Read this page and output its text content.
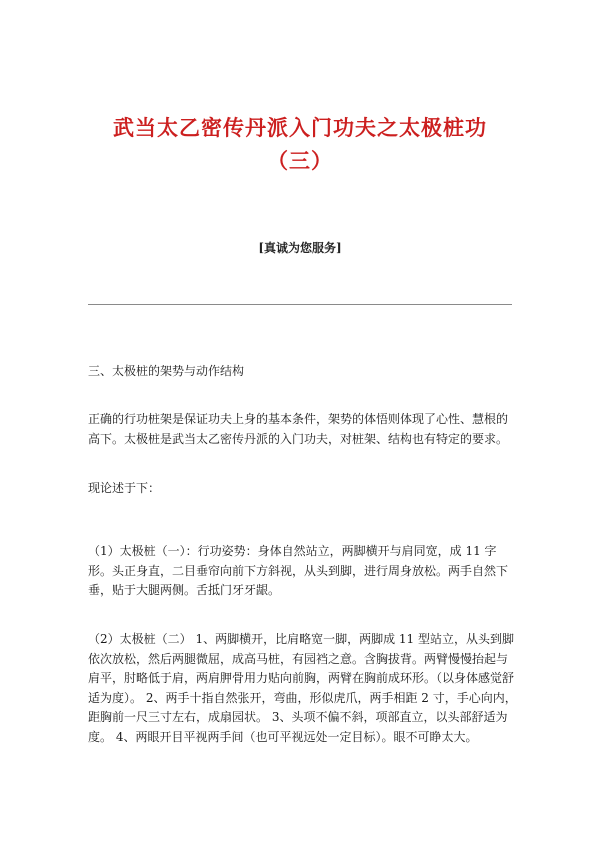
武当太乙密传丹派入门功夫之太极桩功
（三）
[真诚为您服务]
三、太极桩的架势与动作结构
正确的行功桩架是保证功夫上身的基本条件，架势的体悟则体现了心性、慧根的高下。太极桩是武当太乙密传丹派的入门功夫，对桩架、结构也有特定的要求。
现论述于下：
（1）太极桩（一）：行功姿势：身体自然站立，两脚横开与肩同宽，成 11 字形。头正身直，二目垂帘向前下方斜视，从头到脚，进行周身放松。两手自然下垂，贴于大腿两侧。舌抵门牙牙龈。
（2）太极桩（二） 1、两脚横开，比肩略宽一脚，两脚成 11 型站立，从头到脚依次放松，然后两腿微屈，成高马桩，有园裆之意。含胸拔背。两臂慢慢抬起与肩平，肘略低于肩，两肩胛骨用力贴向前胸，两臂在胸前成环形。（以身体感觉舒适为度）。 2、两手十指自然张开，弯曲，形似虎爪，两手相距 2 寸，手心向内，距胸前一尺三寸左右，成扇园状。 3、头项不偏不斜，项部直立，以头部舒适为度。 4、两眼开目平视两手间（也可平视远处一定目标）。眼不可睁太大。
